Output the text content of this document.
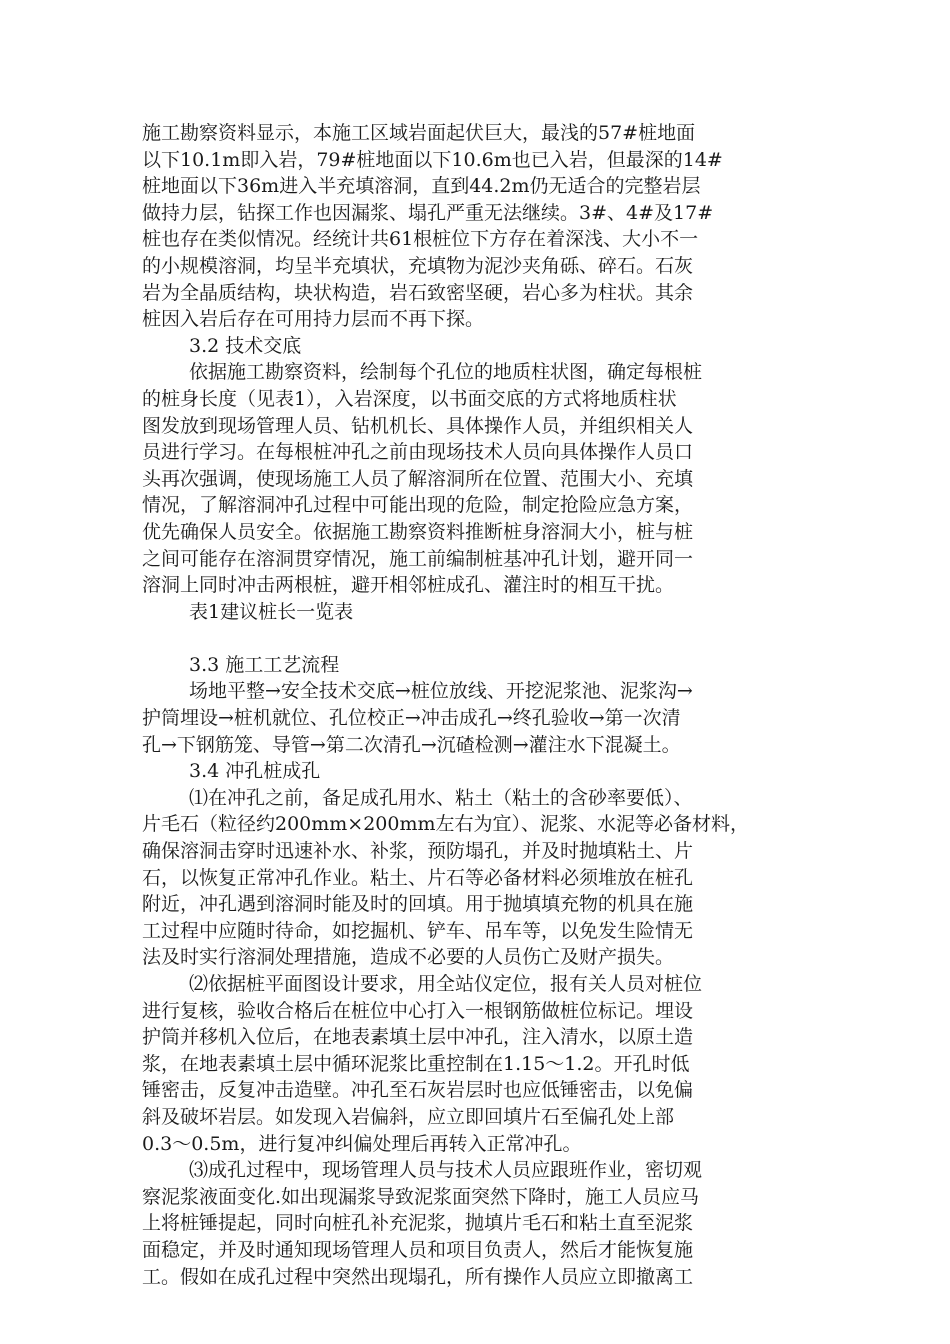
施工勘察资料显示，本施工区域岩面起伏巨大，最浅的57#桩地面
以下10.1m即入岩，79#桩地面以下10.6m也已入岩，但最深的14#
桩地面以下36m进入半充填溶洞，直到44.2m仍无适合的完整岩层
做持力层，钻探工作也因漏浆、塌孔严重无法继续。3#、4#及17#
桩也存在类似情况。经统计共61根桩位下方存在着深浅、大小不一
的小规模溶洞，均呈半充填状，充填物为泥沙夹角砾、碎石。石灰
岩为全晶质结构，块状构造，岩石致密坚硬，岩心多为柱状。其余
桩因入岩后存在可用持力层而不再下探。
3.2 技术交底
依据施工勘察资料，绘制每个孔位的地质柱状图，确定每根桩
的桩身长度（见表1），入岩深度，以书面交底的方式将地质柱状
图发放到现场管理人员、钻机机长、具体操作人员，并组织相关人
员进行学习。在每根桩冲孔之前由现场技术人员向具体操作人员口
头再次强调，使现场施工人员了解溶洞所在位置、范围大小、充填
情况，了解溶洞冲孔过程中可能出现的危险，制定抢险应急方案，
优先确保人员安全。依据施工勘察资料推断桩身溶洞大小，桩与桩
之间可能存在溶洞贯穿情况，施工前编制桩基冲孔计划，避开同一
溶洞上同时冲击两根桩，避开相邻桩成孔、灌注时的相互干扰。
表1建议桩长一览表
3.3 施工工艺流程
场地平整→安全技术交底→桩位放线、开挖泥浆池、泥浆沟→
护筒埋设→桩机就位、孔位校正→冲击成孔→终孔验收→第一次清
孔→下钢筋笼、导管→第二次清孔→沉碴检测→灌注水下混凝土。
3.4 冲孔桩成孔
⑴在冲孔之前，备足成孔用水、粘土（粘土的含砂率要低）、
片毛石（粒径约200mm×200mm左右为宜）、泥浆、水泥等必备材料，
确保溶洞击穿时迅速补水、补浆，预防塌孔，并及时抛填粘土、片
石，以恢复正常冲孔作业。粘土、片石等必备材料必须堆放在桩孔
附近，冲孔遇到溶洞时能及时的回填。用于抛填填充物的机具在施
工过程中应随时待命，如挖掘机、铲车、吊车等，以免发生险情无
法及时实行溶洞处理措施，造成不必要的人员伤亡及财产损失。
⑵依据桩平面图设计要求，用全站仪定位，报有关人员对桩位
进行复核，验收合格后在桩位中心打入一根钢筋做桩位标记。埋设
护筒并移机入位后，在地表素填土层中冲孔，注入清水，以原土造
浆，在地表素填土层中循环泥浆比重控制在1.15～1.2。开孔时低
锤密击，反复冲击造壁。冲孔至石灰岩层时也应低锤密击，以免偏
斜及破坏岩层。如发现入岩偏斜，应立即回填片石至偏孔处上部
0.3～0.5m，进行复冲纠偏处理后再转入正常冲孔。
⑶成孔过程中，现场管理人员与技术人员应跟班作业，密切观
察泥浆液面变化.如出现漏浆导致泥浆面突然下降时，施工人员应马
上将桩锤提起，同时向桩孔补充泥浆，抛填片毛石和粘土直至泥浆
面稳定，并及时通知现场管理人员和项目负责人，然后才能恢复施
工。假如在成孔过程中突然出现塌孔，所有操作人员应立即撤离工
